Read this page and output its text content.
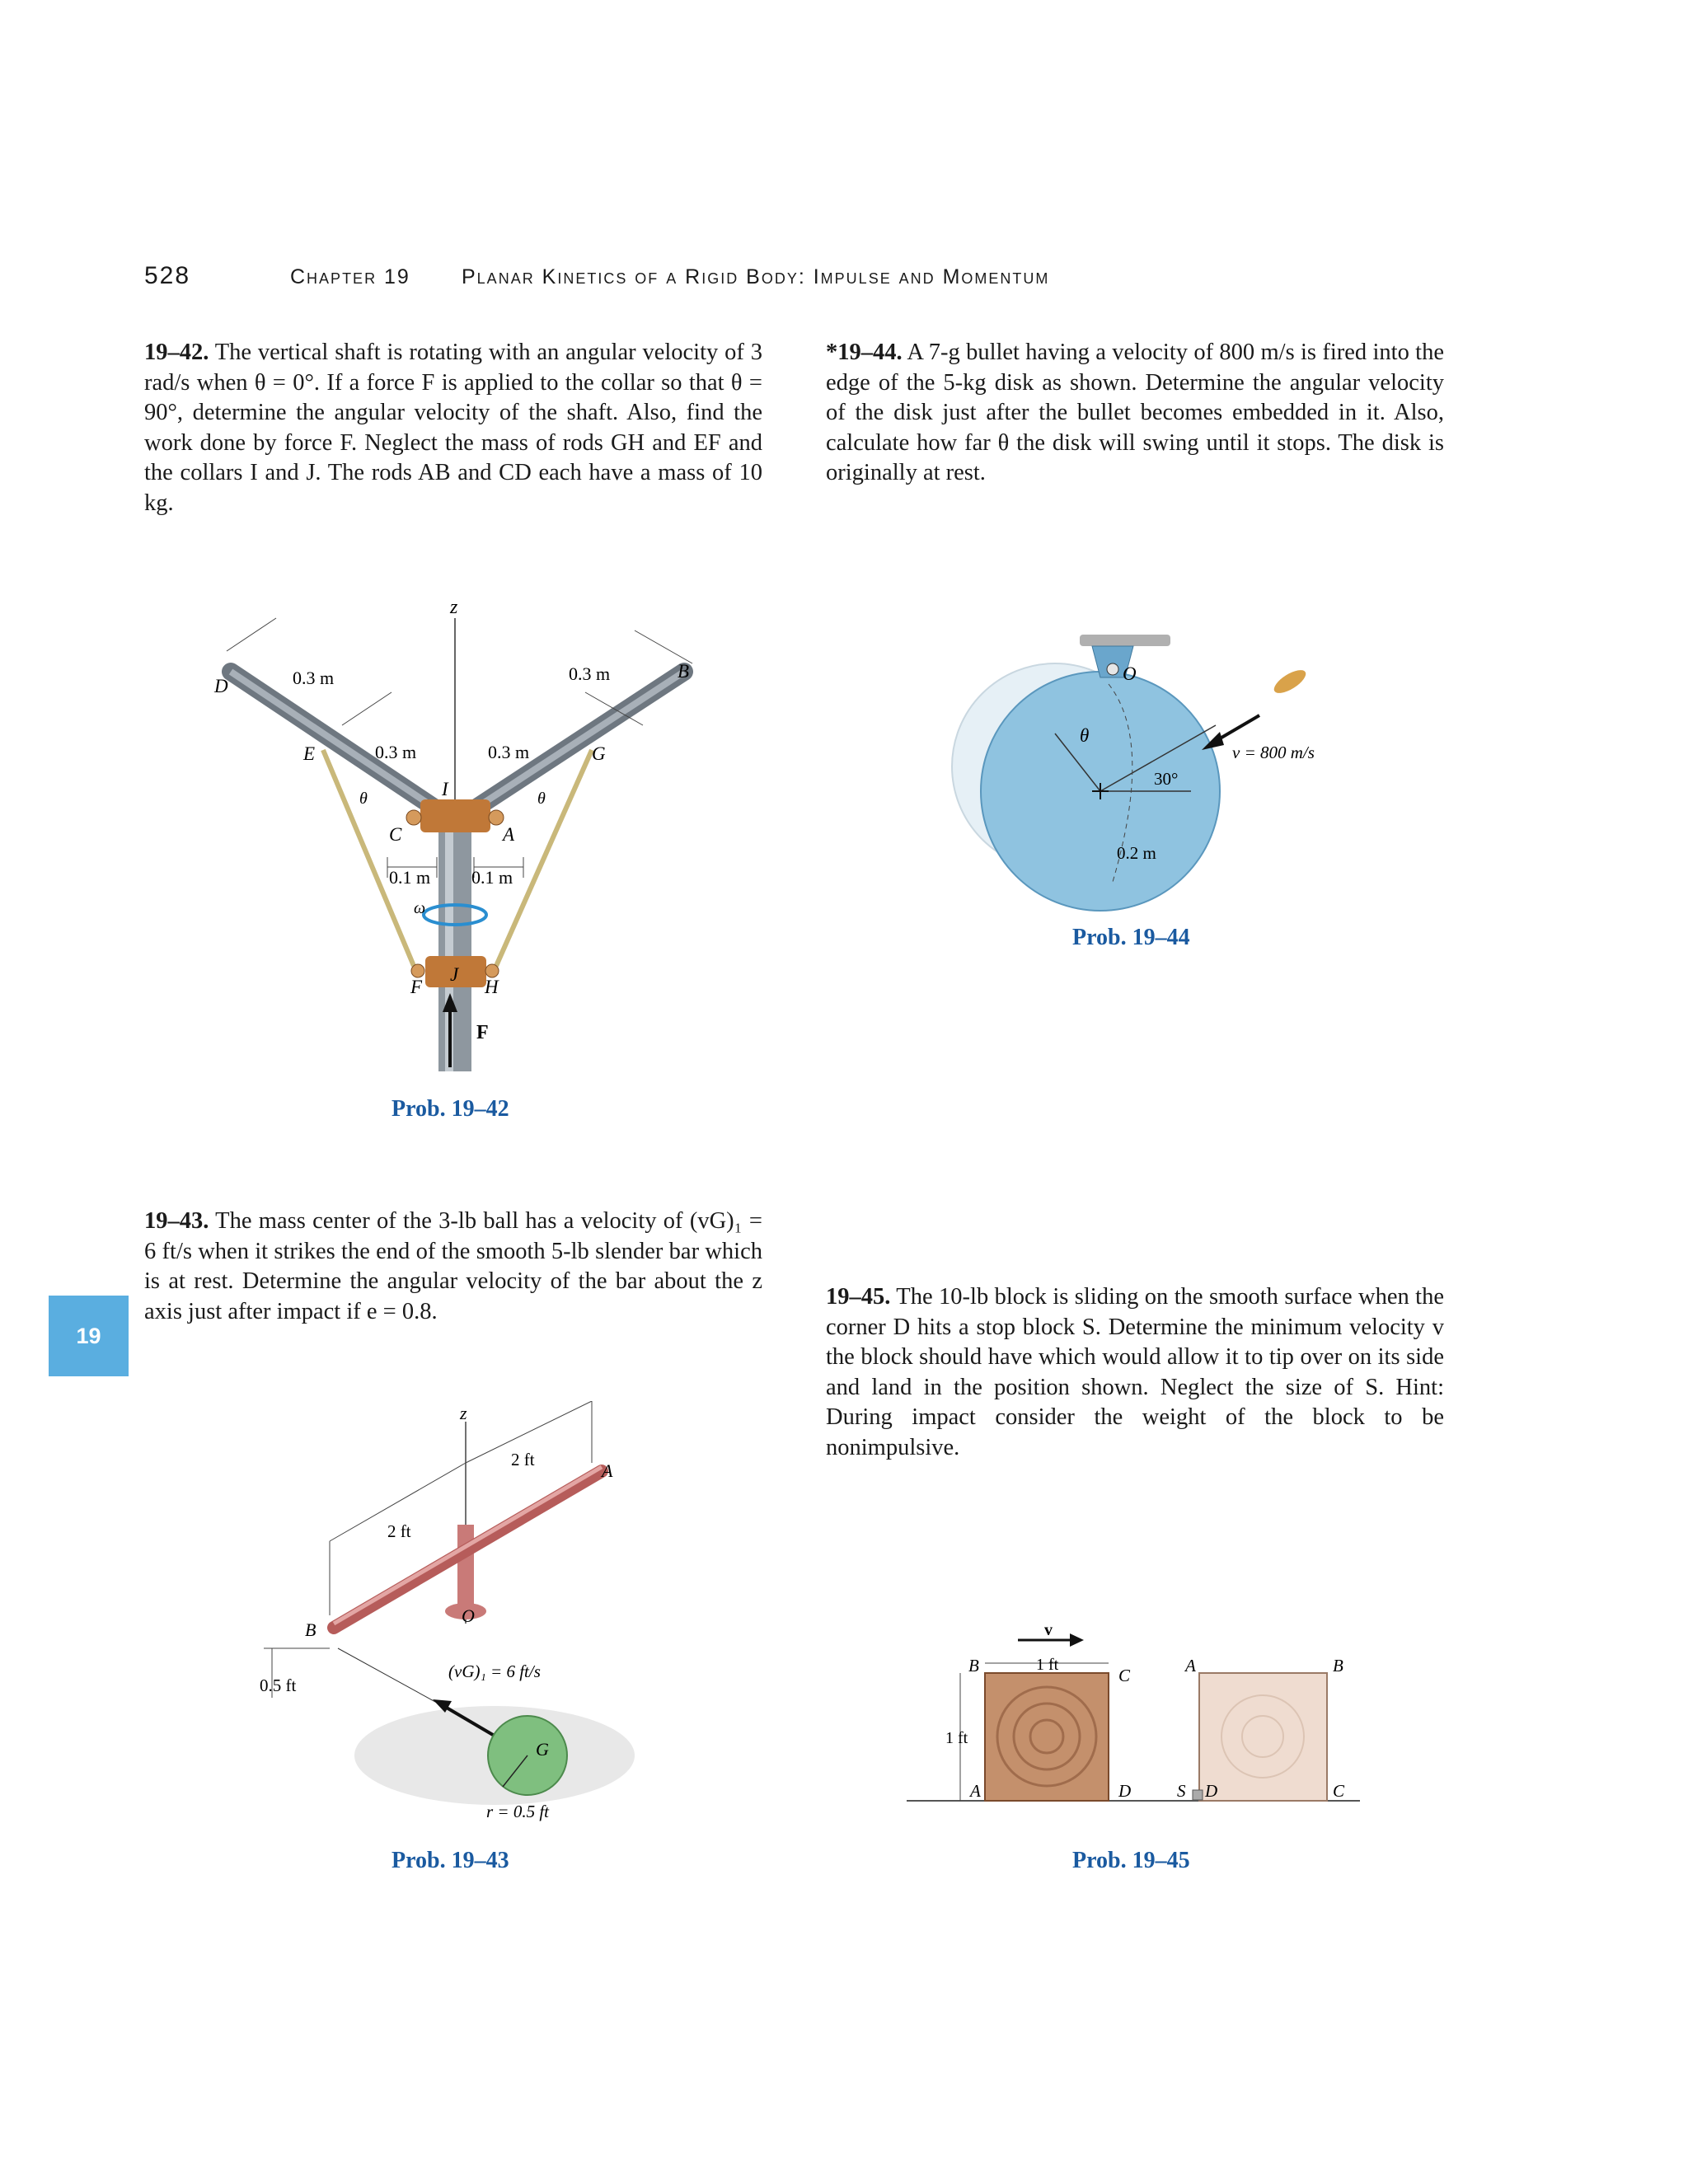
528	Chapter 19 Planar Kinetics of a Rigid Body: Impulse and Momentum
19
19–42. The vertical shaft is rotating with an angular velocity of 3 rad/s when θ = 0°. If a force F is applied to the collar so that θ = 90°, determine the angular velocity of the shaft. Also, find the work done by force F. Neglect the mass of rods GH and EF and the collars I and J. The rods AB and CD each have a mass of 10 kg.
*19–44. A 7-g bullet having a velocity of 800 m/s is fired into the edge of the 5-kg disk as shown. Determine the angular velocity of the disk just after the bullet becomes embedded in it. Also, calculate how far θ the disk will swing until it stops. The disk is originally at rest.
z
D
B
E	G
C	A
I
J
F	H
F
θ	θ
ω
0.3 m	0.3 m
0.3 m	0.3 m
0.1 m 0.1 m
Prob. 19–42
O
θ
30°
0.2 m
v = 800 m/s
Prob. 19–44
19–43. The mass center of the 3-lb ball has a velocity of (vG)₁ = 6 ft/s when it strikes the end of the smooth 5-lb slender bar which is at rest. Determine the angular velocity of the bar about the z axis just after impact if e = 0.8.
19–45. The 10-lb block is sliding on the smooth surface when the corner D hits a stop block S. Determine the minimum velocity v the block should have which would allow it to tip over on its side and land in the position shown. Neglect the size of S. Hint: During impact consider the weight of the block to be nonimpulsive.
z
B
A
O
G
2 ft
2 ft
0.5 ft
(vG)₁ = 6 ft/s
r = 0.5 ft
Prob. 19–43
v
B	C
A	D
A	B
C
D
S
1 ft
1 ft
Prob. 19–45
